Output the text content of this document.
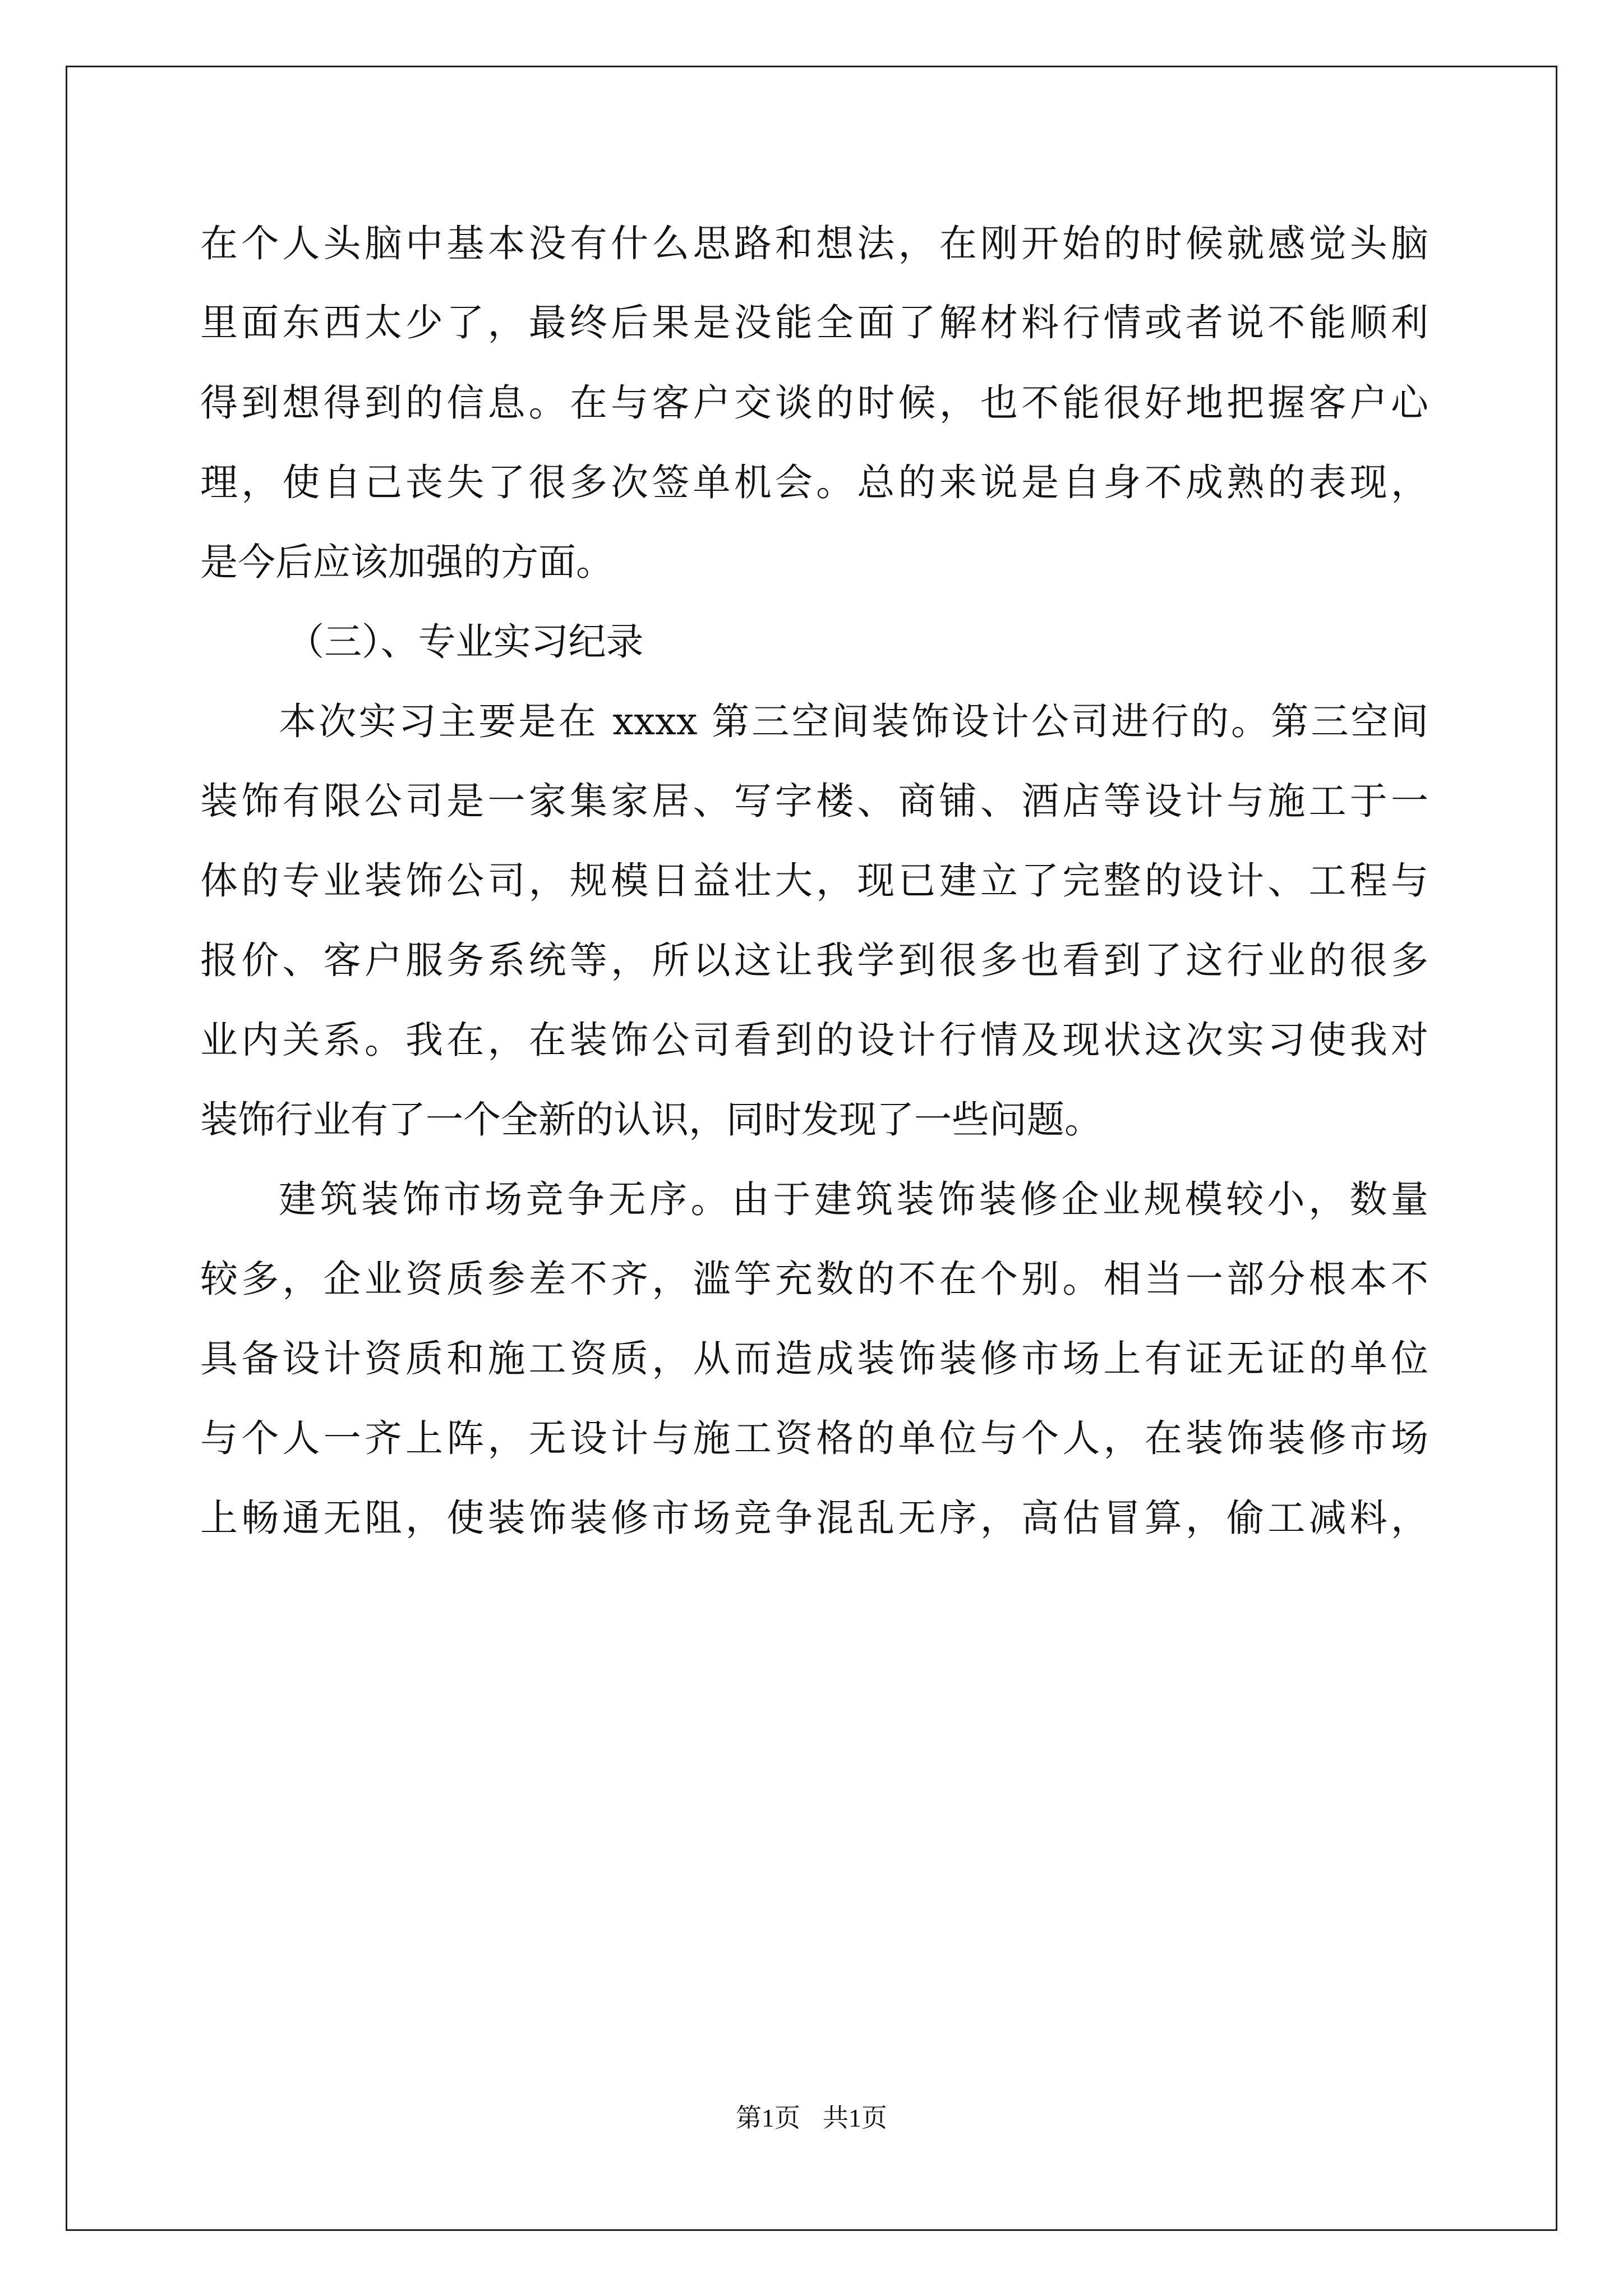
在个人头脑中基本没有什么思路和想法，在刚开始的时候就感觉头脑
里面东西太少了，最终后果是没能全面了解材料行情或者说不能顺利
得到想得到的信息。在与客户交谈的时候，也不能很好地把握客户心
理，使自己丧失了很多次签单机会。总的来说是自身不成熟的表现，
是今后应该加强的方面。
（三）、专业实习纪录
本次实习主要是在 xxxx 第三空间装饰设计公司进行的。第三空间
装饰有限公司是一家集家居、写字楼、商铺、酒店等设计与施工于一
体的专业装饰公司，规模日益壮大，现已建立了完整的设计、工程与
报价、客户服务系统等，所以这让我学到很多也看到了这行业的很多
业内关系。我在，在装饰公司看到的设计行情及现状这次实习使我对
装饰行业有了一个全新的认识，同时发现了一些问题。
建筑装饰市场竞争无序。由于建筑装饰装修企业规模较小，数量
较多，企业资质参差不齐，滥竽充数的不在个别。相当一部分根本不
具备设计资质和施工资质，从而造成装饰装修市场上有证无证的单位
与个人一齐上阵，无设计与施工资格的单位与个人，在装饰装修市场
上畅通无阻，使装饰装修市场竞争混乱无序，高估冒算，偷工减料，
第1页 共1页
